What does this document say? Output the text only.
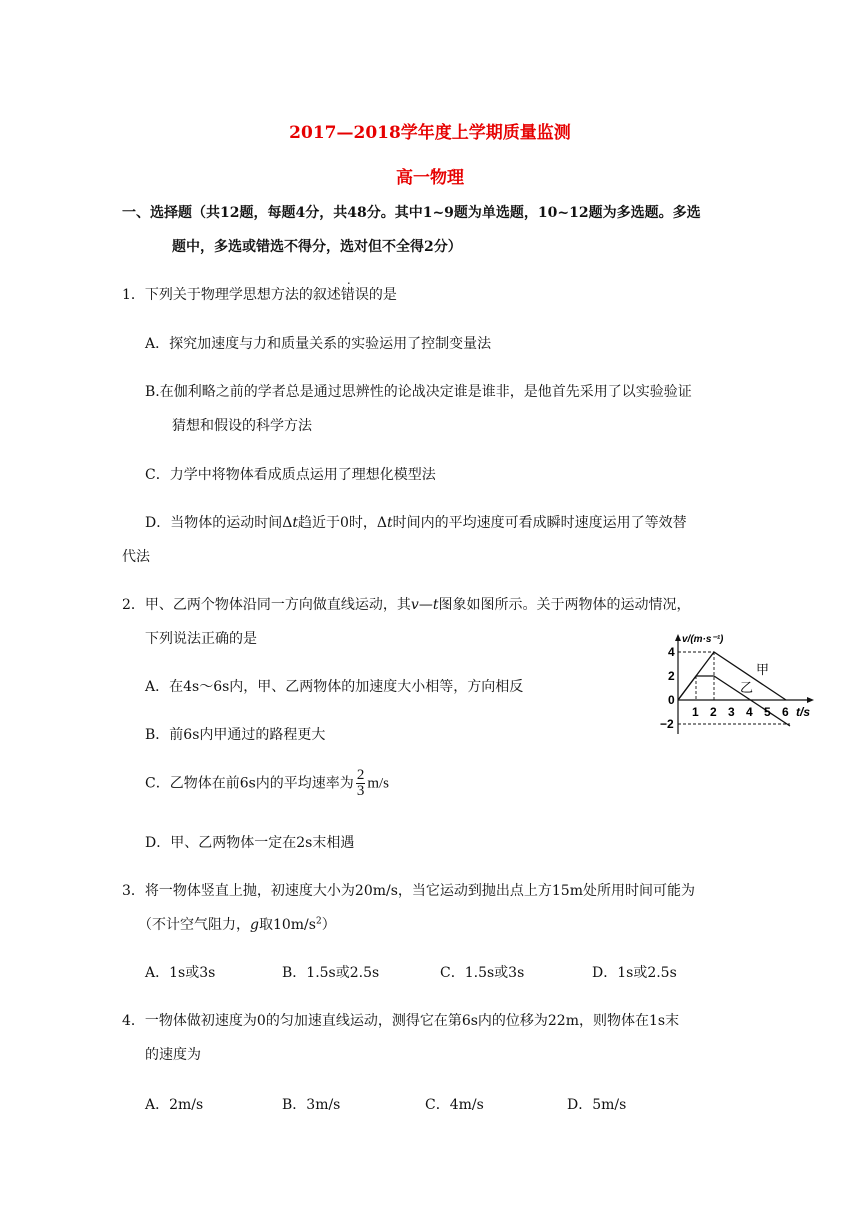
2017—2018学年度上学期质量监测
高一物理
一、选择题（共12题，每题4分，共48分。其中1~9题为单选题，10~12题为多选题。多选
题中，多选或错选不得分，选对但不全得2分）
1．下列关于物理学思想方法的叙述错误的是
A．探究加速度与力和质量关系的实验运用了控制变量法
B.在伽利略之前的学者总是通过思辨性的论战决定谁是谁非，是他首先采用了以实验验证
猜想和假设的科学方法
C．力学中将物体看成质点运用了理想化模型法
D．当物体的运动时间Δt趋近于0时，Δt时间内的平均速度可看成瞬时速度运用了等效替
代法
2．甲、乙两个物体沿同一方向做直线运动，其v—t图象如图所示。关于两物体的运动情况，
下列说法正确的是
A．在4s～6s内，甲、乙两物体的加速度大小相等，方向相反
B．前6s内甲通过的路程更大
C．乙物体在前6s内的平均速率为 $\frac{2}{3} m/s$
D．甲、乙两物体一定在2s末相遇
4
2
0
−2
1 2 3 4 5 6
v/(m·s⁻¹)
t/s
甲
乙
3．将一物体竖直上抛，初速度大小为20m/s，当它运动到抛出点上方15m处所用时间可能为
（不计空气阻力，g取$10m/s^2$）
A．1s或3s	B．1.5s或2.5s	C．1.5s或3s	D．1s或2.5s
4．一物体做初速度为0的匀加速直线运动，测得它在第6s内的位移为22m，则物体在1s末
的速度为
A．2m/s	B．3m/s	C．4m/s	D．5m/s
